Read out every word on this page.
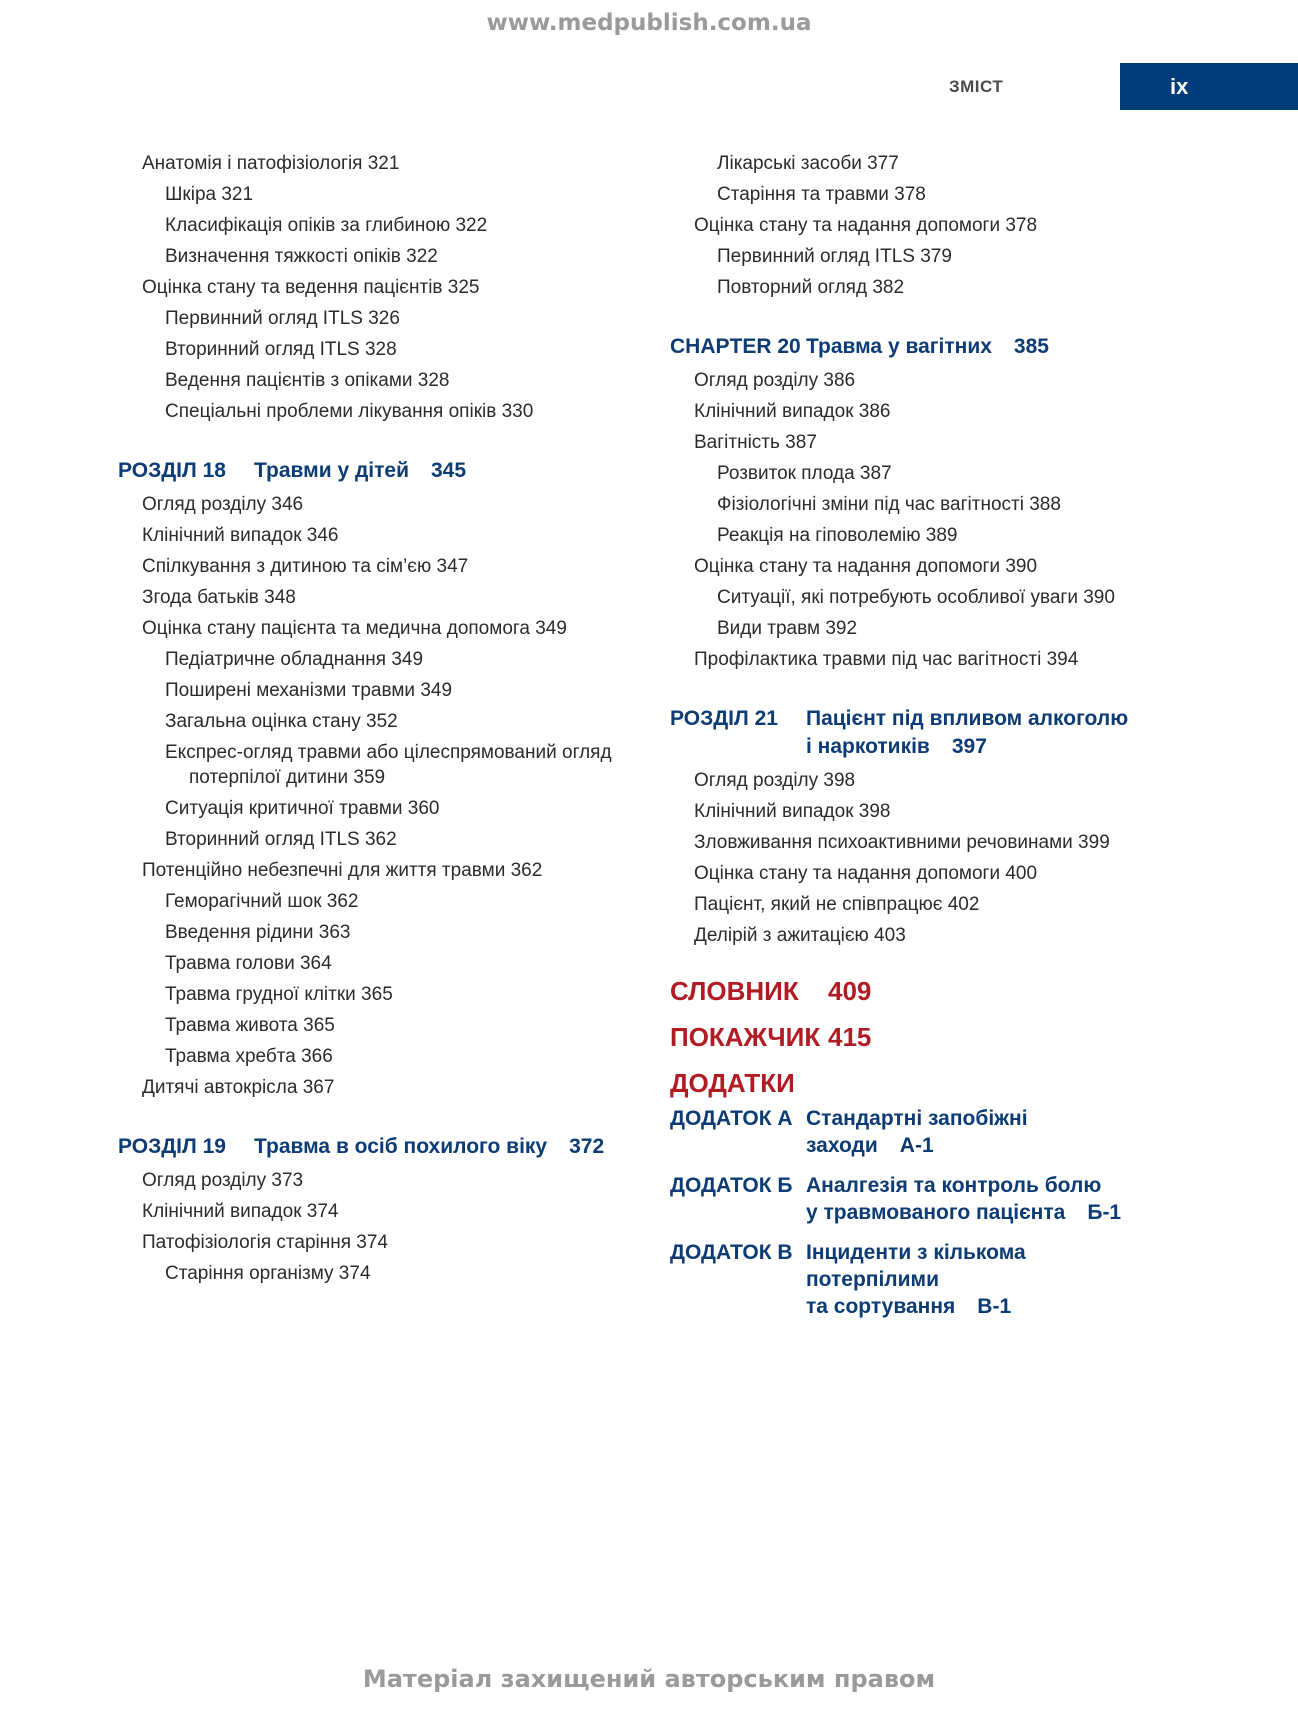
www.medpublish.com.ua
ЗМІСТ	ix
Анатомія і патофізіологія 321
Шкіра 321
Класифікація опіків за глибиною 322
Визначення тяжкості опіків 322
Оцінка стану та ведення пацієнтів 325
Первинний огляд ITLS 326
Вторинний огляд ITLS 328
Ведення пацієнтів з опіками 328
Спеціальні проблеми лікування опіків 330
РОЗДІЛ 18	Травми у дітей 345
Огляд розділу 346
Клінічний випадок 346
Спілкування з дитиною та сім’єю 347
Згода батьків 348
Оцінка стану пацієнта та медична допомога 349
Педіатричне обладнання 349
Поширені механізми травми 349
Загальна оцінка стану 352
Експрес-огляд травми або цілеспрямований огляд
потерпілої дитини 359
Ситуація критичної травми 360
Вторинний огляд ITLS 362
Потенційно небезпечні для життя травми 362
Геморагічний шок 362
Введення рідини 363
Травма голови 364
Травма грудної клітки 365
Травма живота 365
Травма хребта 366
Дитячі автокрісла 367
РОЗДІЛ 19	Травма в осіб похилого віку 372
Огляд розділу 373
Клінічний випадок 374
Патофізіологія старіння 374
Старіння організму 374
Лікарські засоби 377
Старіння та травми 378
Оцінка стану та надання допомоги 378
Первинний огляд ITLS 379
Повторний огляд 382
CHAPTER 20 Травма у вагітних 385
Огляд розділу 386
Клінічний випадок 386
Вагітність 387
Розвиток плода 387
Фізіологічні зміни під час вагітності 388
Реакція на гіповолемію 389
Оцінка стану та надання допомоги 390
Ситуації, які потребують особливої уваги 390
Види травм 392
Профілактика травми під час вагітності 394
РОЗДІЛ 21	Пацієнт під впливом алкоголю
і наркотиків 397
Огляд розділу 398
Клінічний випадок 398
Зловживання психоактивними речовинами 399
Оцінка стану та надання допомоги 400
Пацієнт, який не співпрацює 402
Делірій з ажитацією 403
СЛОВНИК	409
ПОКАЖЧИК 415
ДОДАТКИ
ДОДАТОК А Стандартні запобіжні заходи А-1
ДОДАТОК Б Аналгезія та контроль болю
у травмованого пацієнта Б-1
ДОДАТОК В Інциденти з кількома потерпілими
та сортування В-1
Матеріал захищений авторським правом
